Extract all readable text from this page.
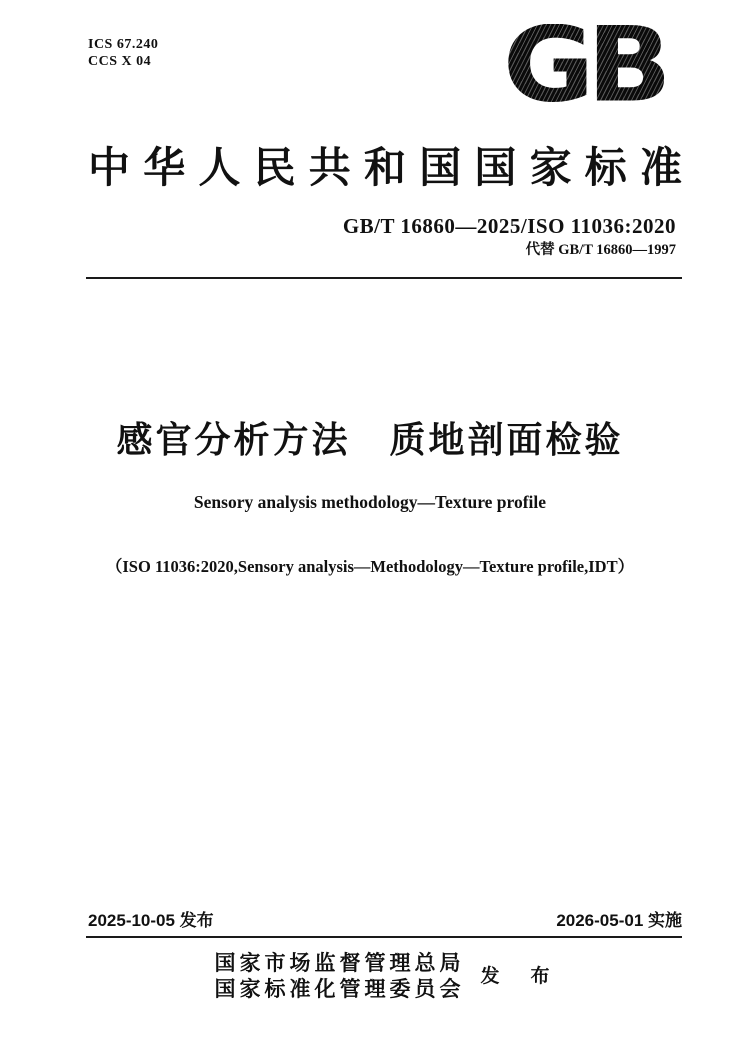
ICS 67.240
CCS X 04	GB
中华人民共和国国家标准
GB/T 16860—2025/ISO 11036:2020
代替 GB/T 16860—1997
感官分析方法　质地剖面检验
Sensory analysis methodology—Texture profile
（ISO 11036:2020,Sensory analysis—Methodology—Texture profile,IDT）
2025-10-05 发布	2026-05-01 实施
国家市场监督管理总局
国家标准化管理委员会
发　布
